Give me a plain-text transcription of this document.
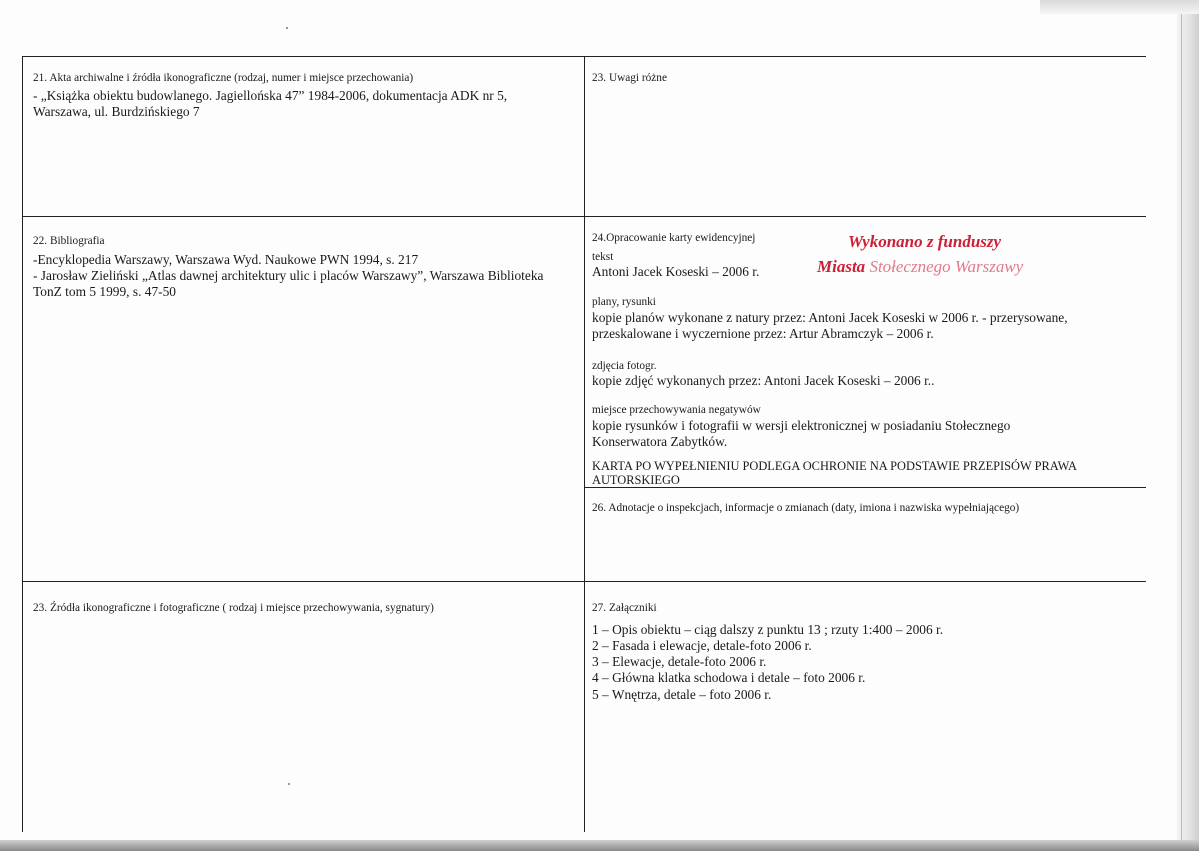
21. Akta archiwalne i źródła ikonograficzne (rodzaj, numer i miejsce przechowania)
- „Książka obiektu budowlanego. Jagiellońska 47” 1984-2006, dokumentacja ADK nr 5,
Warszawa, ul. Burdzińskiego 7
23. Uwagi różne
22. Bibliografia
-Encyklopedia Warszawy, Warszawa Wyd. Naukowe PWN 1994, s. 217
- Jarosław Zieliński „Atlas dawnej architektury ulic i placów Warszawy”, Warszawa Biblioteka
TonZ tom 5 1999, s. 47-50
24.Opracowanie karty ewidencyjnej
tekst
Antoni Jacek Koseski – 2006 r.
Wykonano z funduszy
Miasta Stołecznego Warszawy
plany, rysunki
kopie planów wykonane z natury przez: Antoni Jacek Koseski w 2006 r. - przerysowane,
przeskalowane i wyczernione przez: Artur Abramczyk – 2006 r.
zdjęcia fotogr.
kopie zdjęć wykonanych przez: Antoni Jacek Koseski – 2006 r..
miejsce przechowywania negatywów
kopie rysunków i fotografii w wersji elektronicznej w posiadaniu Stołecznego
Konserwatora Zabytków.
KARTA PO WYPEŁNIENIU PODLEGA OCHRONIE NA PODSTAWIE PRZEPISÓW PRAWA
AUTORSKIEGO
26. Adnotacje o inspekcjach, informacje o zmianach (daty, imiona i nazwiska wypełniającego)
23. Źródła ikonograficzne i fotograficzne ( rodzaj i miejsce przechowywania, sygnatury)	27. Załączniki
1 – Opis obiektu – ciąg dalszy z punktu 13 ; rzuty 1:400 – 2006 r.
2 – Fasada i elewacje, detale-foto 2006 r.
3 – Elewacje, detale-foto 2006 r.
4 – Główna klatka schodowa i detale – foto 2006 r.
5 – Wnętrza, detale – foto 2006 r.
